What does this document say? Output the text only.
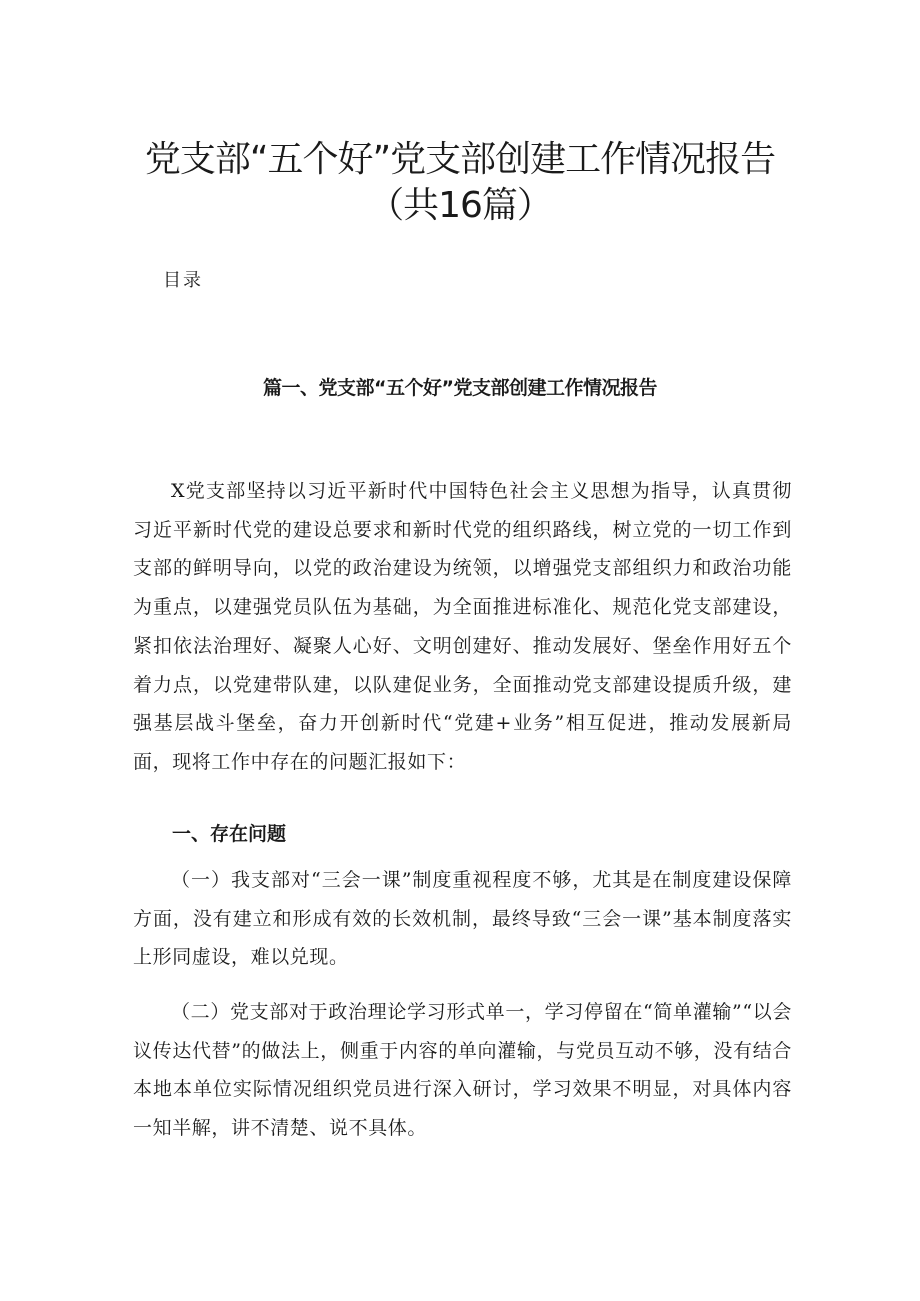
党支部“五个好”党支部创建工作情况报告
（共16篇）
目录
篇一、党支部“五个好”党支部创建工作情况报告

X党支部坚持以习近平新时代中国特色社会主义思想为指导，认真贯彻习近平新时代党的建设总要求和新时代党的组织路线，树立党的一切工作到支部的鲜明导向，以党的政治建设为统领，以增强党支部组织力和政治功能为重点，以建强党员队伍为基础，为全面推进标准化、规范化党支部建设，紧扣依法治理好、凝聚人心好、文明创建好、推动发展好、堡垒作用好五个着力点，以党建带队建，以队建促业务，全面推动党支部建设提质升级，建强基层战斗堡垒，奋力开创新时代“党建+业务”相互促进，推动发展新局面，现将工作中存在的问题汇报如下：

一、存在问题

（一）我支部对“三会一课”制度重视程度不够，尤其是在制度建设保障方面，没有建立和形成有效的长效机制，最终导致“三会一课”基本制度落实上形同虚设，难以兑现。

（二）党支部对于政治理论学习形式单一，学习停留在“简单灌输”“以会议传达代替”的做法上，侧重于内容的单向灌输，与党员互动不够，没有结合本地本单位实际情况组织党员进行深入研讨，学习效果不明显，对具体内容一知半解，讲不清楚、说不具体。
